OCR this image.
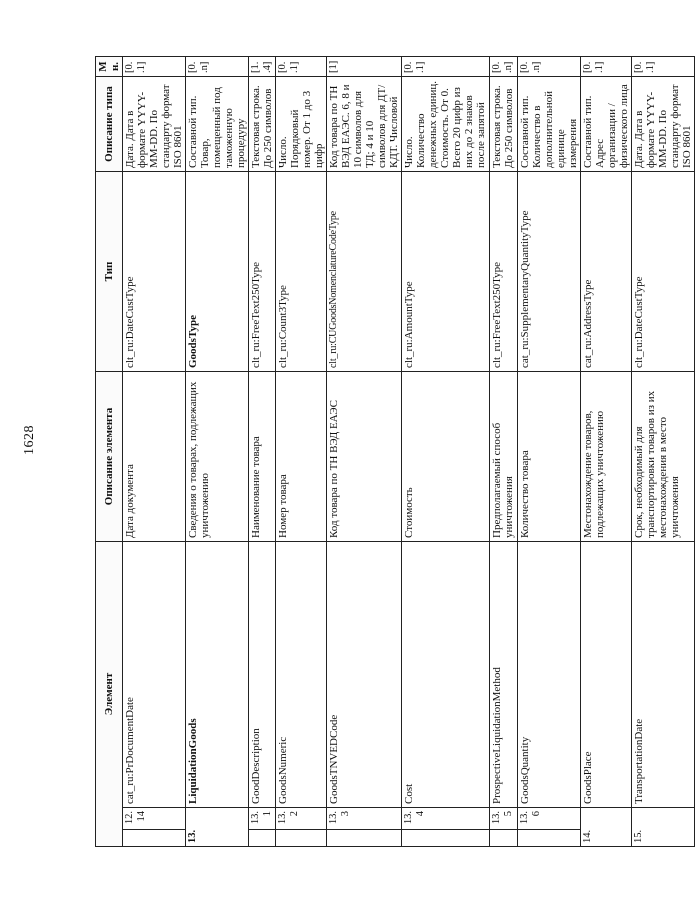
1628
Элемент			Описание элемента	Тип	Описание типа	Мн.
	12.14	cat_ru:PrDocumentDate	Дата документа	clt_ru:DateCustType	Дата. Дата в формате YYYY-MM-DD. По стандарту формат ISO 8601	[0..1]
13.		LiquidationGoods	Сведения о товарах, подлежащих уничтожению	GoodsType	Составной тип. Товар, помещенный под таможенную процедуру	[0..n]
	13.1	GoodDescription	Наименование товара	clt_ru:FreeText250Type	Текстовая строка. До 250 символов	[1..4]
	13.2	GoodsNumeric	Номер товара	clt_ru:Count3Type	Число. Порядковый номер. От 1 до 3 цифр	[0..1]
	13.3	GoodsTNVEDCode	Код товара по ТН ВЭД ЕАЭС	clt_ru:CUGoodsNomenclatureCodeType	Код товара по ТН ВЭД ЕАЭС. 6, 8 и 10 символов для ТД; 4 и 10 символов для ДТ/КДТ. Числовой	[1]
	13.4	Cost	Стоимость	clt_ru:AmountType	Число. Количество денежных единиц. Стоимость. От 0. Всего 20 цифр из них до 2 знаков после запятой	[0..1]
	13.5	ProspectiveLiquidationMethod	Предполагаемый способ уничтожения	clt_ru:FreeText250Type	Текстовая строка. До 250 символов	[0..n]
	13.6	GoodsQuantity	Количество товара	cat_ru:SupplementaryQuantityType	Составной тип. Количество в дополнительной единице измерения	[0..n]
14.		GoodsPlace	Местонахождение товаров, подлежащих уничтожению	cat_ru:AddressType	Составной тип. Адрес организации / физического лица	[0..1]
15.		TransportationDate	Срок, необходимый для транспортировки товаров из их местонахождения в место уничтожения	clt_ru:DateCustType	Дата. Дата в формате YYYY-MM-DD. По стандарту формат ISO 8601	[0..1]
